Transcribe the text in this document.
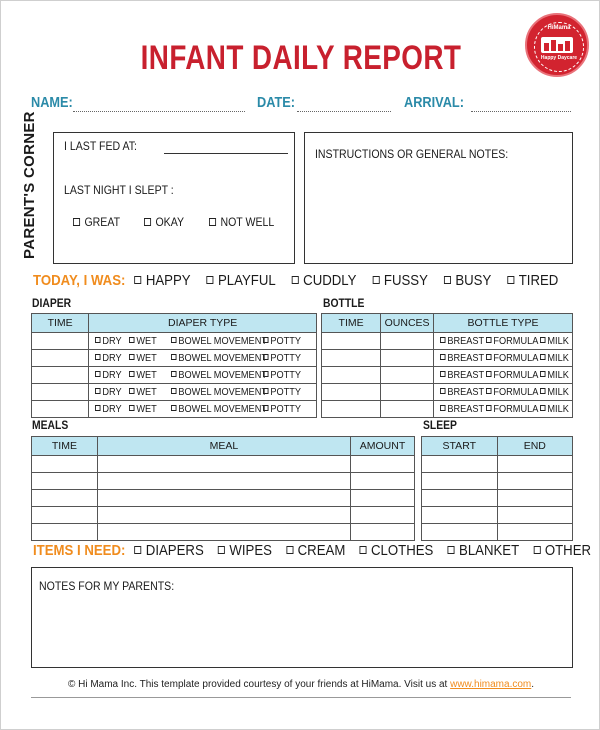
INFANT DAILY REPORT
HiMama
Happy Daycare
NAME:	DATE:	ARRIVAL:
PARENT'S CORNER I LAST FED AT:
LAST NIGHT I SLEPT :
GREAT	OKAY	NOT WELL
INSTRUCTIONS OR GENERAL NOTES:
TODAY, I WAS: HAPPY PLAYFUL CUDDLY FUSSY BUSY TIRED
DIAPER
TIME	DIAPER TYPE
	DRY WET BOWEL MOVEMENT POTTY
	DRY WET BOWEL MOVEMENT POTTY
	DRY WET BOWEL MOVEMENT POTTY
	DRY WET BOWEL MOVEMENT POTTY
	DRY WET BOWEL MOVEMENT POTTY
BOTTLE
TIME	OUNCES	BOTTLE TYPE
		BREAST FORMULA MILK
		BREAST FORMULA MILK
		BREAST FORMULA MILK
		BREAST FORMULA MILK
		BREAST FORMULA MILK
MEALS
TIME	MEAL	AMOUNT

SLEEP
START	END

ITEMS I NEED: DIAPERS WIPES CREAM CLOTHES BLANKET OTHER
NOTES FOR MY PARENTS:
© Hi Mama Inc. This template provided courtesy of your friends at HiMama. Visit us at www.himama.com.
